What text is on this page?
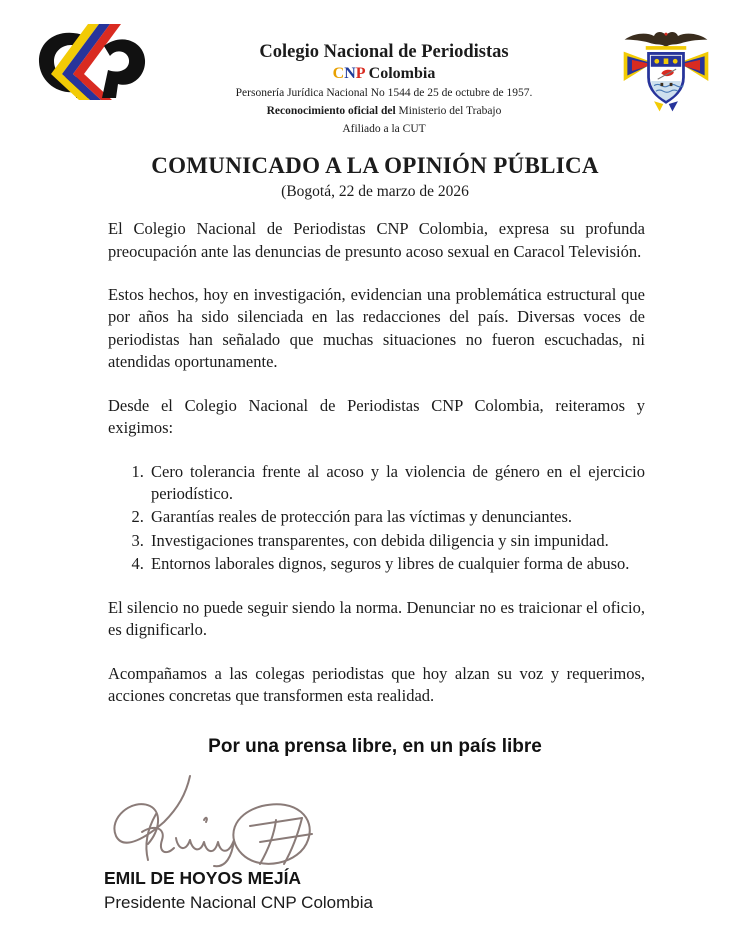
Colegio Nacional de Periodistas
CNP Colombia
Personería Jurídica Nacional No 1544 de 25 de octubre de 1957.
Reconocimiento oficial del Ministerio del Trabajo
Afiliado a la CUT
COMUNICADO A LA OPINIÓN PÚBLICA
(Bogotá, 22 de marzo de 2026

El Colegio Nacional de Periodistas CNP Colombia, expresa su profunda preocupación ante las denuncias de presunto acoso sexual en Caracol Televisión.

Estos hechos, hoy en investigación, evidencian una problemática estructural que por años ha sido silenciada en las redacciones del país. Diversas voces de periodistas han señalado que muchas situaciones no fueron escuchadas, ni atendidas oportunamente.

Desde el Colegio Nacional de Periodistas CNP Colombia, reiteramos y exigimos:

1. Cero tolerancia frente al acoso y la violencia de género en el ejercicio periodístico.
2. Garantías reales de protección para las víctimas y denunciantes.
3. Investigaciones transparentes, con debida diligencia y sin impunidad.
4. Entornos laborales dignos, seguros y libres de cualquier forma de abuso.

El silencio no puede seguir siendo la norma. Denunciar no es traicionar el oficio, es dignificarlo.

Acompañamos a las colegas periodistas que hoy alzan su voz y requerimos, acciones concretas que transformen esta realidad.

Por una prensa libre, en un país libre
EMIL DE HOYOS MEJÍA
Presidente Nacional CNP Colombia
